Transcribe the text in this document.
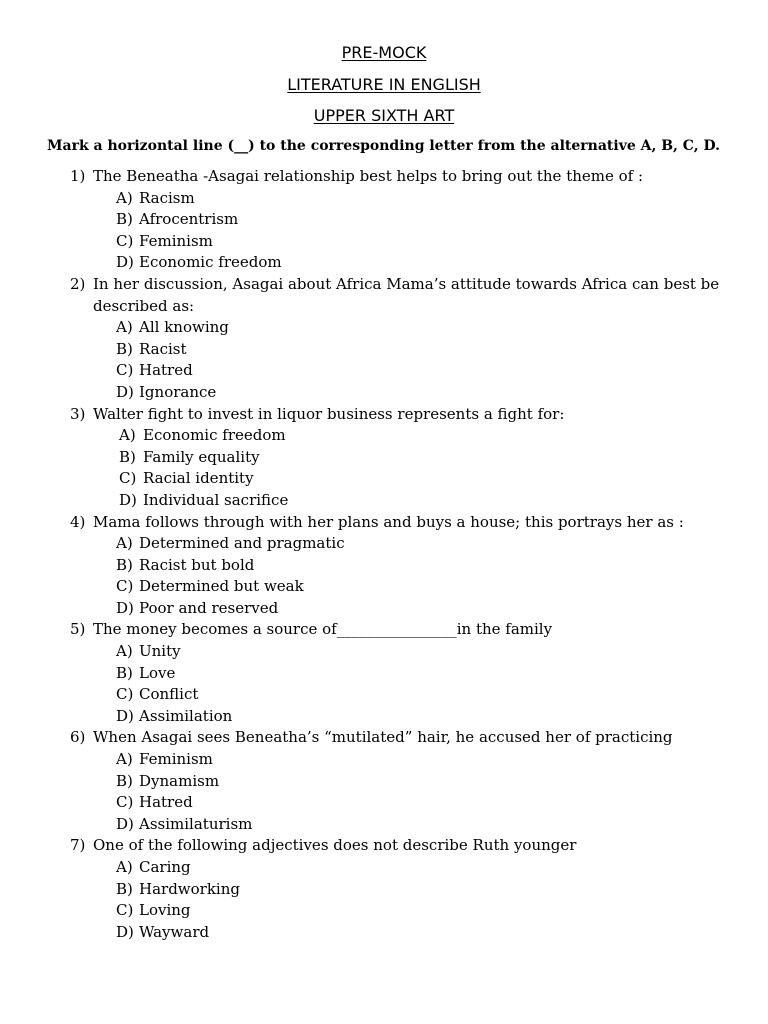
PRE-MOCK
LITERATURE IN ENGLISH
UPPER SIXTH ART
Mark a horizontal line (__) to the corresponding letter from the alternative A, B, C, D.
1) The Beneatha -Asagai relationship best helps to bring out the theme of :
A) Racism
B) Afrocentrism
C) Feminism
D) Economic freedom
2) In her discussion, Asagai about Africa Mama’s attitude towards Africa can best be
described as:
A) All knowing
B) Racist
C) Hatred
D) Ignorance
3) Walter fight to invest in liquor business represents a fight for:
A) Economic freedom
B) Family equality
C) Racial identity
D) Individual sacrifice
4) Mama follows through with her plans and buys a house; this portrays her as :
A) Determined and pragmatic
B) Racist but bold
C) Determined but weak
D) Poor and reserved
5) The money becomes a source of________________in the family
A) Unity
B) Love
C) Conflict
D) Assimilation
6) When Asagai sees Beneatha’s “mutilated” hair, he accused her of practicing
A) Feminism
B) Dynamism
C) Hatred
D) Assimilaturism
7) One of the following adjectives does not describe Ruth younger
A) Caring
B) Hardworking
C) Loving
D) Wayward
